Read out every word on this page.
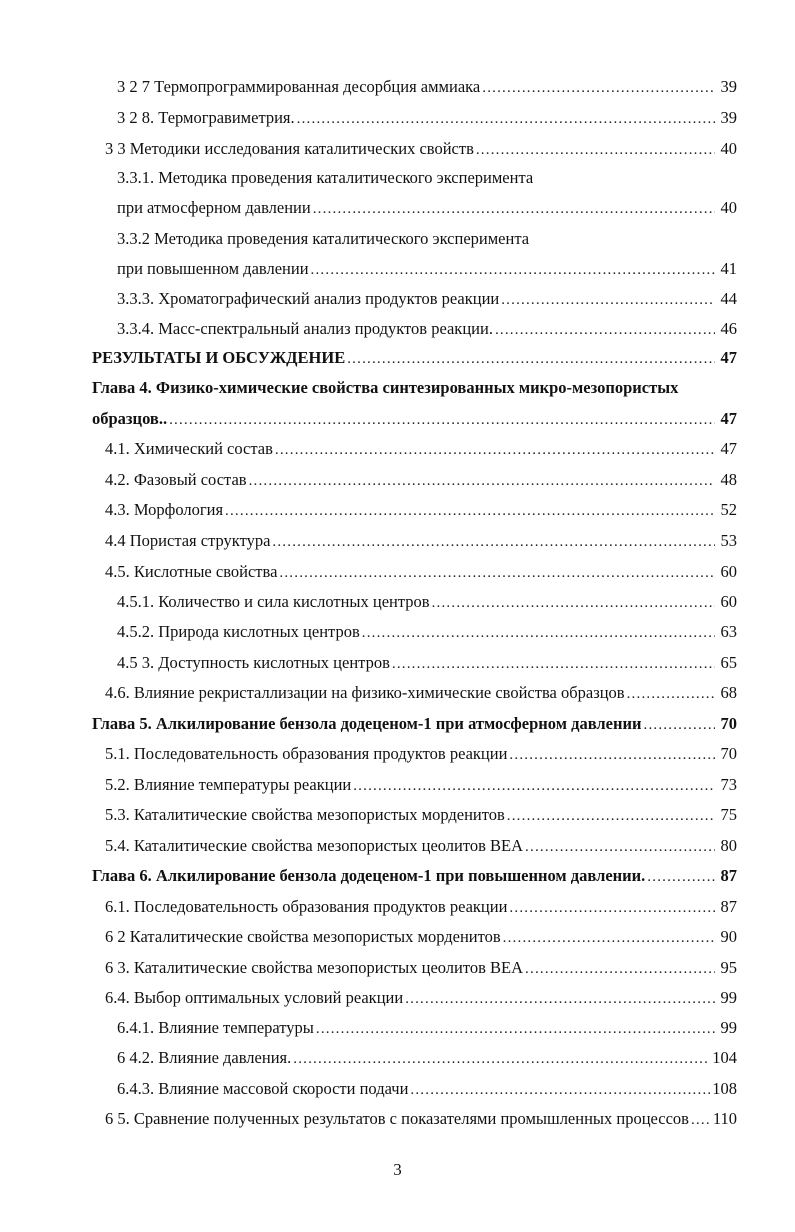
3 2 7 Термопрограммированная десорбция аммиака .....	39
3 2 8. Термогравиметрия. .....	39
3 3 Методики исследования каталитических свойств .....	40
3.3.1. Методика проведения каталитического эксперимента
при атмосферном давлении .....	40
3.3.2 Методика проведения каталитического эксперимента
при повышенном давлении .....	41
3.3.3. Хроматографический анализ продуктов реакции .....	44
3.3.4. Масс-спектральный анализ продуктов реакции. .....	46
РЕЗУЛЬТАТЫ И ОБСУЖДЕНИЕ .....	47
Глава 4. Физико-химические свойства синтезированных микро-мезопористых
образцов.. .....	47
4.1. Химический состав .....	47
4.2. Фазовый состав .....	48
4.3. Морфология .....	52
4.4 Пористая структура .....	53
4.5. Кислотные свойства .....	60
4.5.1. Количество и сила кислотных центров .....	60
4.5.2. Природа кислотных центров .....	63
4.5 3. Доступность кислотных центров .....	65
4.6. Влияние рекристаллизации на физико-химические свойства образцов .....	68
Глава 5. Алкилирование бензола додеценом-1 при атмосферном давлении .....	70
5.1. Последовательность образования продуктов реакции .....	70
5.2. Влияние температуры реакции .....	73
5.3. Каталитические свойства мезопористых морденитов .....	75
5.4. Каталитические свойства мезопористых цеолитов ВЕА .....	80
Глава 6. Алкилирование бензола додеценом-1 при повышенном давлении. .....	87
6.1. Последовательность образования продуктов реакции .....	87
6 2 Каталитические свойства мезопористых морденитов .....	90
6 3. Каталитические свойства мезопористых цеолитов ВЕА .....	95
6.4. Выбор оптимальных условий реакции .....	99
6.4.1. Влияние температуры .....	99
6 4.2. Влияние давления. .....	104
6.4.3. Влияние массовой скорости подачи .....	108
6 5. Сравнение полученных результатов с показателями промышленных процессов ..... 110
3
